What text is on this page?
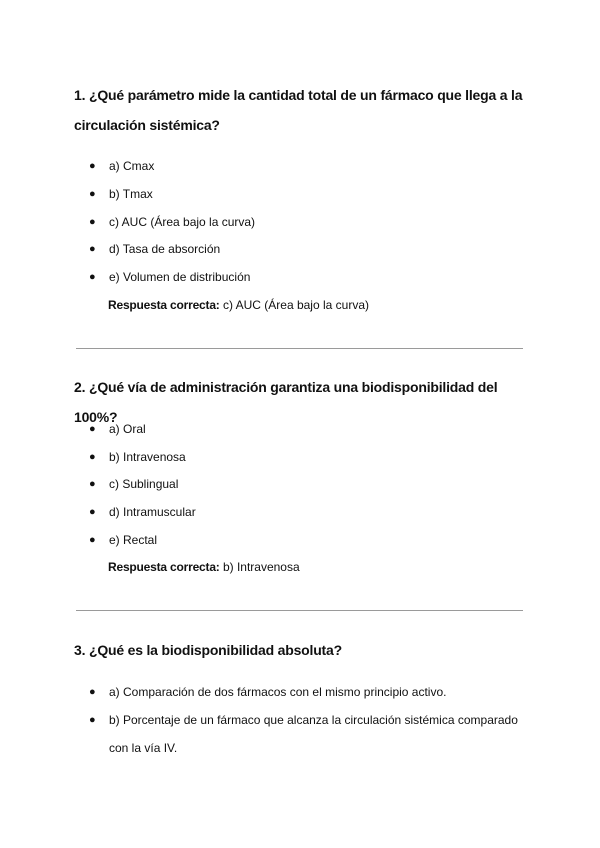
1. ¿Qué parámetro mide la cantidad total de un fármaco que llega a la circulación sistémica?
● a) Cmax
● b) Tmax
● c) AUC (Área bajo la curva)
● d) Tasa de absorción
● e) Volumen de distribución
Respuesta correcta: c) AUC (Área bajo la curva)
2. ¿Qué vía de administración garantiza una biodisponibilidad del 100%?
● a) Oral
● b) Intravenosa
● c) Sublingual
● d) Intramuscular
● e) Rectal
Respuesta correcta: b) Intravenosa
3. ¿Qué es la biodisponibilidad absoluta?
● a) Comparación de dos fármacos con el mismo principio activo.
● b) Porcentaje de un fármaco que alcanza la circulación sistémica comparado con la vía IV.
